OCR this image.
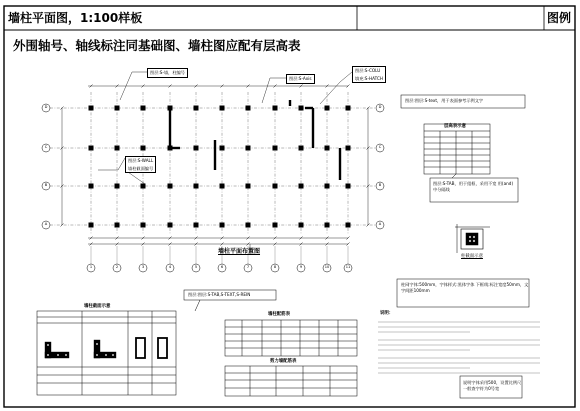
墙柱平面图，1:100样板	图例
外围轴号、轴线标注同基础图、墙柱图应配有层高表
图层:S-墙，柱编号
图层:S-Axis
图层:S-COLU
填充:S-HATCH
图层:S-WALL
墙柱截面编号
墙柱平面布置图
1	2	3	4	5	6	7	8	9	10	11
A	A
B	B
C	C
D	D
图层:图层:S-text，用于表面参考示例文字
层高表示意
图层:S-TAB，用于组框，采用不宽 用(and)中分隔线
柱截面示意
柱网字体:500mm，字体样式:黑体字体 下框线:标注宽度50mm，文字间距100mm
说明字体采用500，设置比例尺一般查字符为0号宽
墙柱截面示意
图层:图层:S-TAB,S-TEXT,S-REIN
墙柱配筋表
剪力墙配筋表
说明：
